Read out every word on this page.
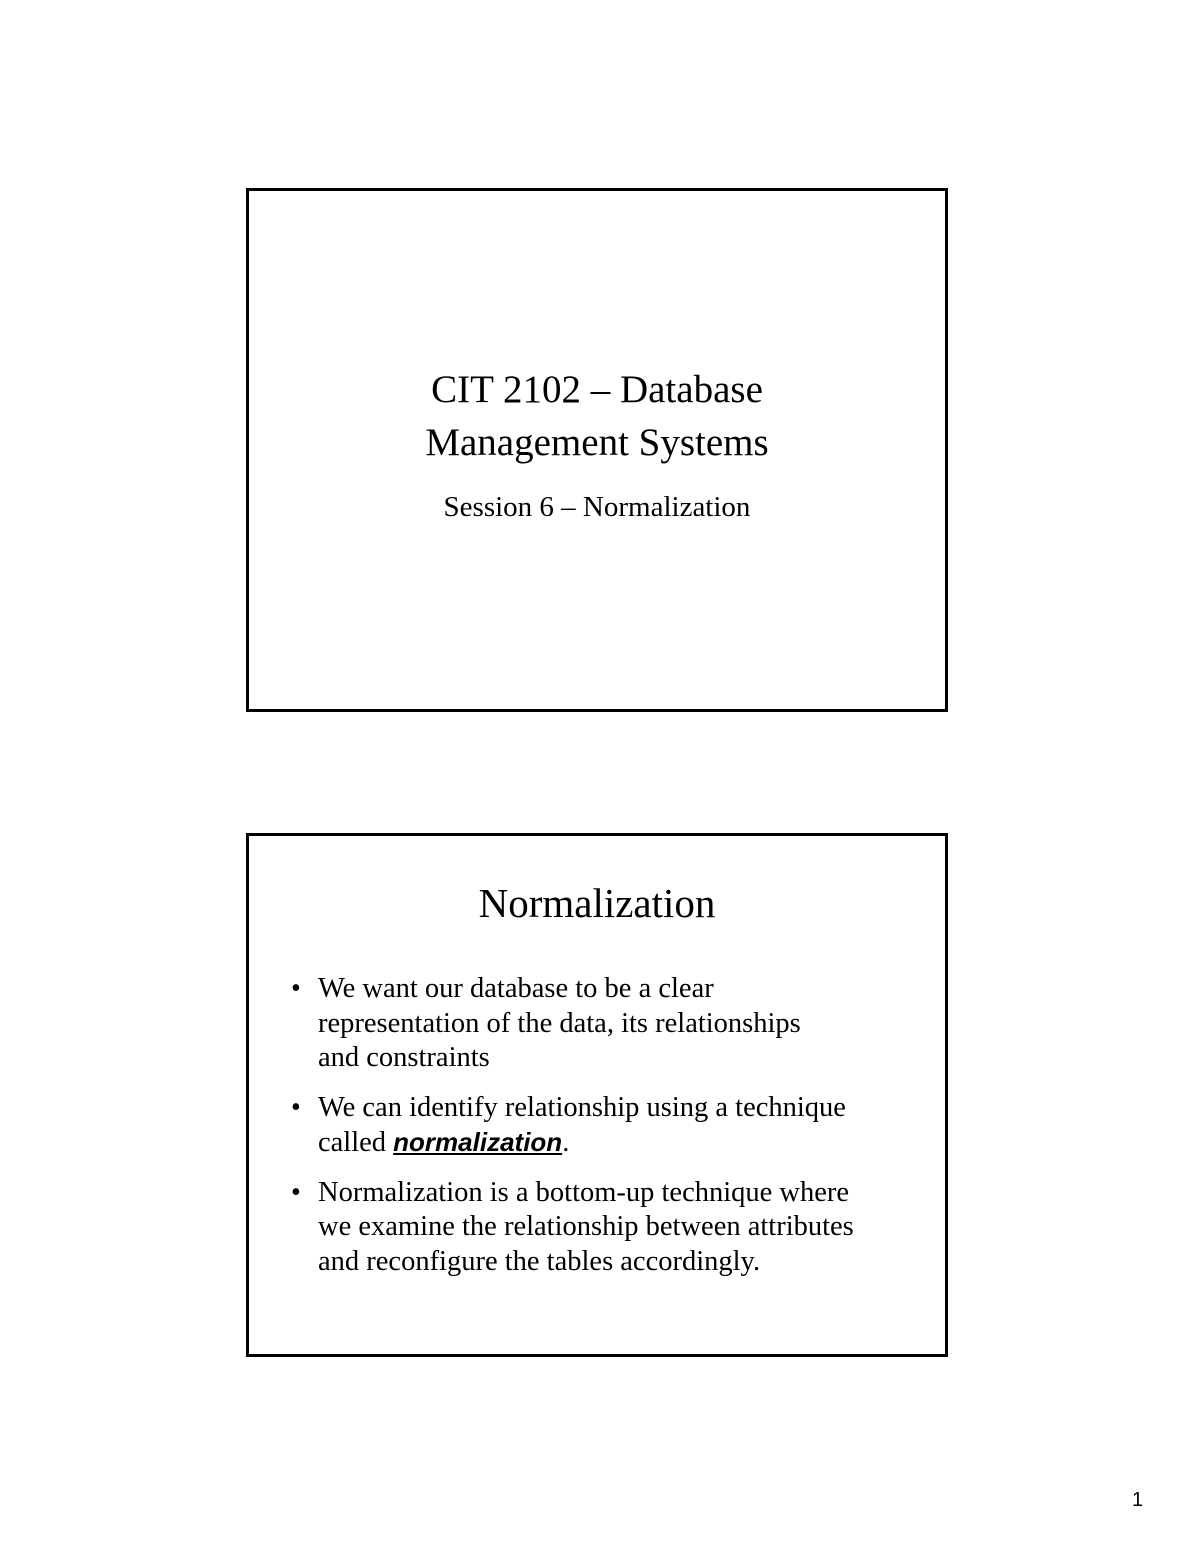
CIT 2102 – Database
Management Systems
Session 6 – Normalization
Normalization
• We want our database to be a clear
representation of the data, its relationships
and constraints
• We can identify relationship using a technique
called normalization.
• Normalization is a bottom-up technique where
we examine the relationship between attributes
and reconfigure the tables accordingly.
1
